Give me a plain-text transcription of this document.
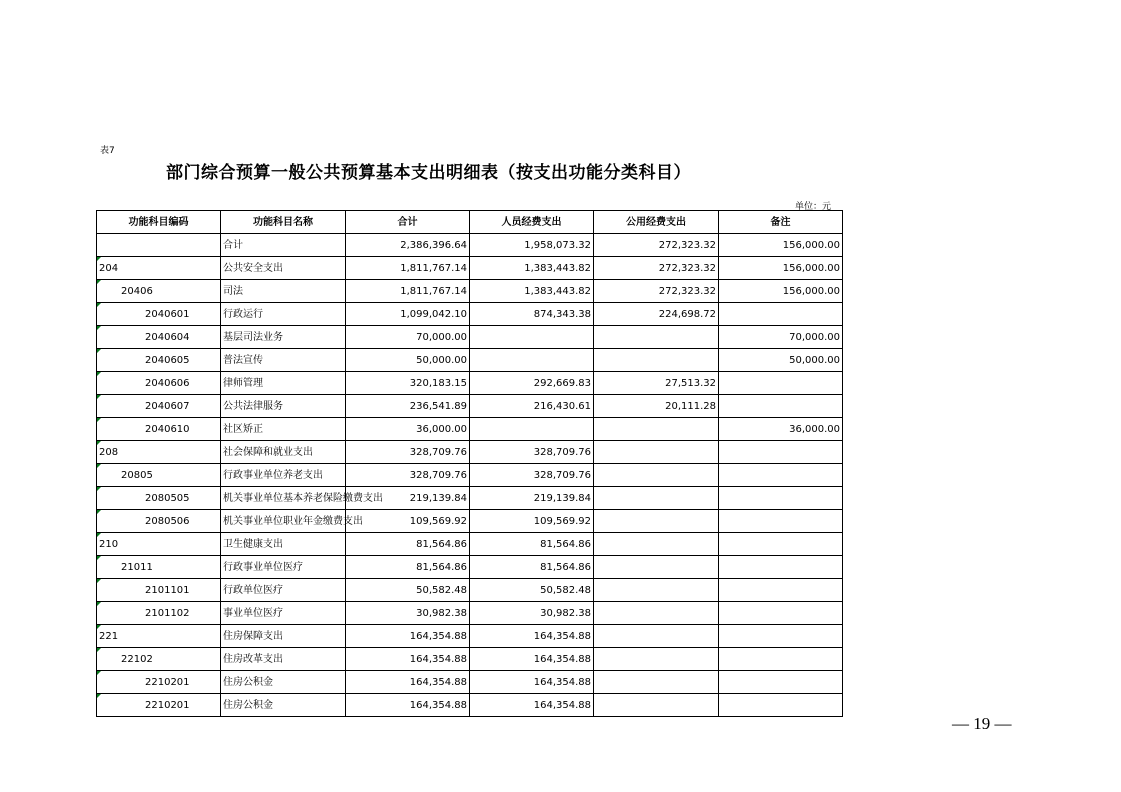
表7
部门综合预算一般公共预算基本支出明细表（按支出功能分类科目）
单位：元
功能科目编码	功能科目名称	合计	人员经费支出	公用经费支出	备注
	合计	2,386,396.64	1,958,073.32	272,323.32	156,000.00

204	公共安全支出	1,811,767.14	1,383,443.82	272,323.32	156,000.00

20406	司法	1,811,767.14	1,383,443.82	272,323.32	156,000.00

2040601	行政运行	1,099,042.10	874,343.38	224,698.72	

2040604	基层司法业务	70,000.00			70,000.00

2040605	普法宣传	50,000.00			50,000.00

2040606	律师管理	320,183.15	292,669.83	27,513.32	

2040607	公共法律服务	236,541.89	216,430.61	20,111.28	

2040610	社区矫正	36,000.00			36,000.00

208	社会保障和就业支出	328,709.76	328,709.76		

20805	行政事业单位养老支出	328,709.76	328,709.76		

2080505	机关事业单位基本养老保险缴费支出	219,139.84	219,139.84		

2080506	机关事业单位职业年金缴费支出	109,569.92	109,569.92		

210	卫生健康支出	81,564.86	81,564.86		

21011	行政事业单位医疗	81,564.86	81,564.86		

2101101	行政单位医疗	50,582.48	50,582.48		

2101102	事业单位医疗	30,982.38	30,982.38		

221	住房保障支出	164,354.88	164,354.88		

22102	住房改革支出	164,354.88	164,354.88		

2210201	住房公积金	164,354.88	164,354.88		

2210201	住房公积金	164,354.88	164,354.88		
— 19 —
